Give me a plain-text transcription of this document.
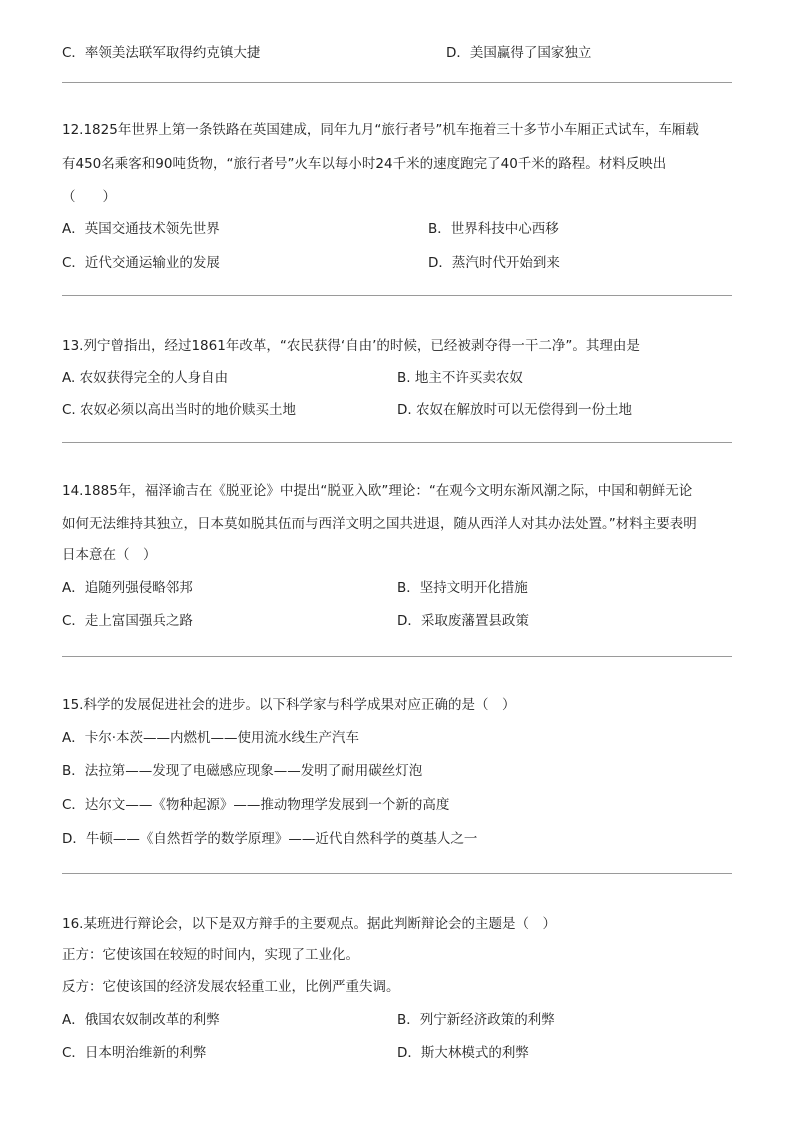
C．率领美法联军取得约克镇大捷	D．美国赢得了国家独立
12.1825年世界上第一条铁路在英国建成，同年九月“旅行者号”机车拖着三十多节小车厢正式试车，车厢载
有450名乘客和90吨货物，“旅行者号”火车以每小时24千米的速度跑完了40千米的路程。材料反映出
（　　）
A．英国交通技术领先世界	B．世界科技中心西移
C．近代交通运输业的发展	D．蒸汽时代开始到来
13.列宁曾指出，经过1861年改革，“农民获得‘自由’的时候，已经被剥夺得一干二净”。其理由是
A. 农奴获得完全的人身自由	B. 地主不许买卖农奴
C. 农奴必须以高出当时的地价赎买土地	D. 农奴在解放时可以无偿得到一份土地
14.1885年，福泽谕吉在《脱亚论》中提出“脱亚入欧”理论：“在观今文明东渐风潮之际，中国和朝鲜无论
如何无法维持其独立，日本莫如脱其伍而与西洋文明之国共进退，随从西洋人对其办法处置。”材料主要表明
日本意在（　）
A．追随列强侵略邻邦	B．坚持文明开化措施
C．走上富国强兵之路	D．采取废藩置县政策
15.科学的发展促进社会的进步。以下科学家与科学成果对应正确的是（　）
A．卡尔·本茨——内燃机——使用流水线生产汽车
B．法拉第——发现了电磁感应现象——发明了耐用碳丝灯泡
C．达尔文——《物种起源》——推动物理学发展到一个新的高度
D．牛顿——《自然哲学的数学原理》——近代自然科学的奠基人之一
16.某班进行辩论会，以下是双方辩手的主要观点。据此判断辩论会的主题是（　）
正方：它使该国在较短的时间内，实现了工业化。
反方：它使该国的经济发展农轻重工业，比例严重失调。
A．俄国农奴制改革的利弊	B．列宁新经济政策的利弊
C．日本明治维新的利弊	D．斯大林模式的利弊
